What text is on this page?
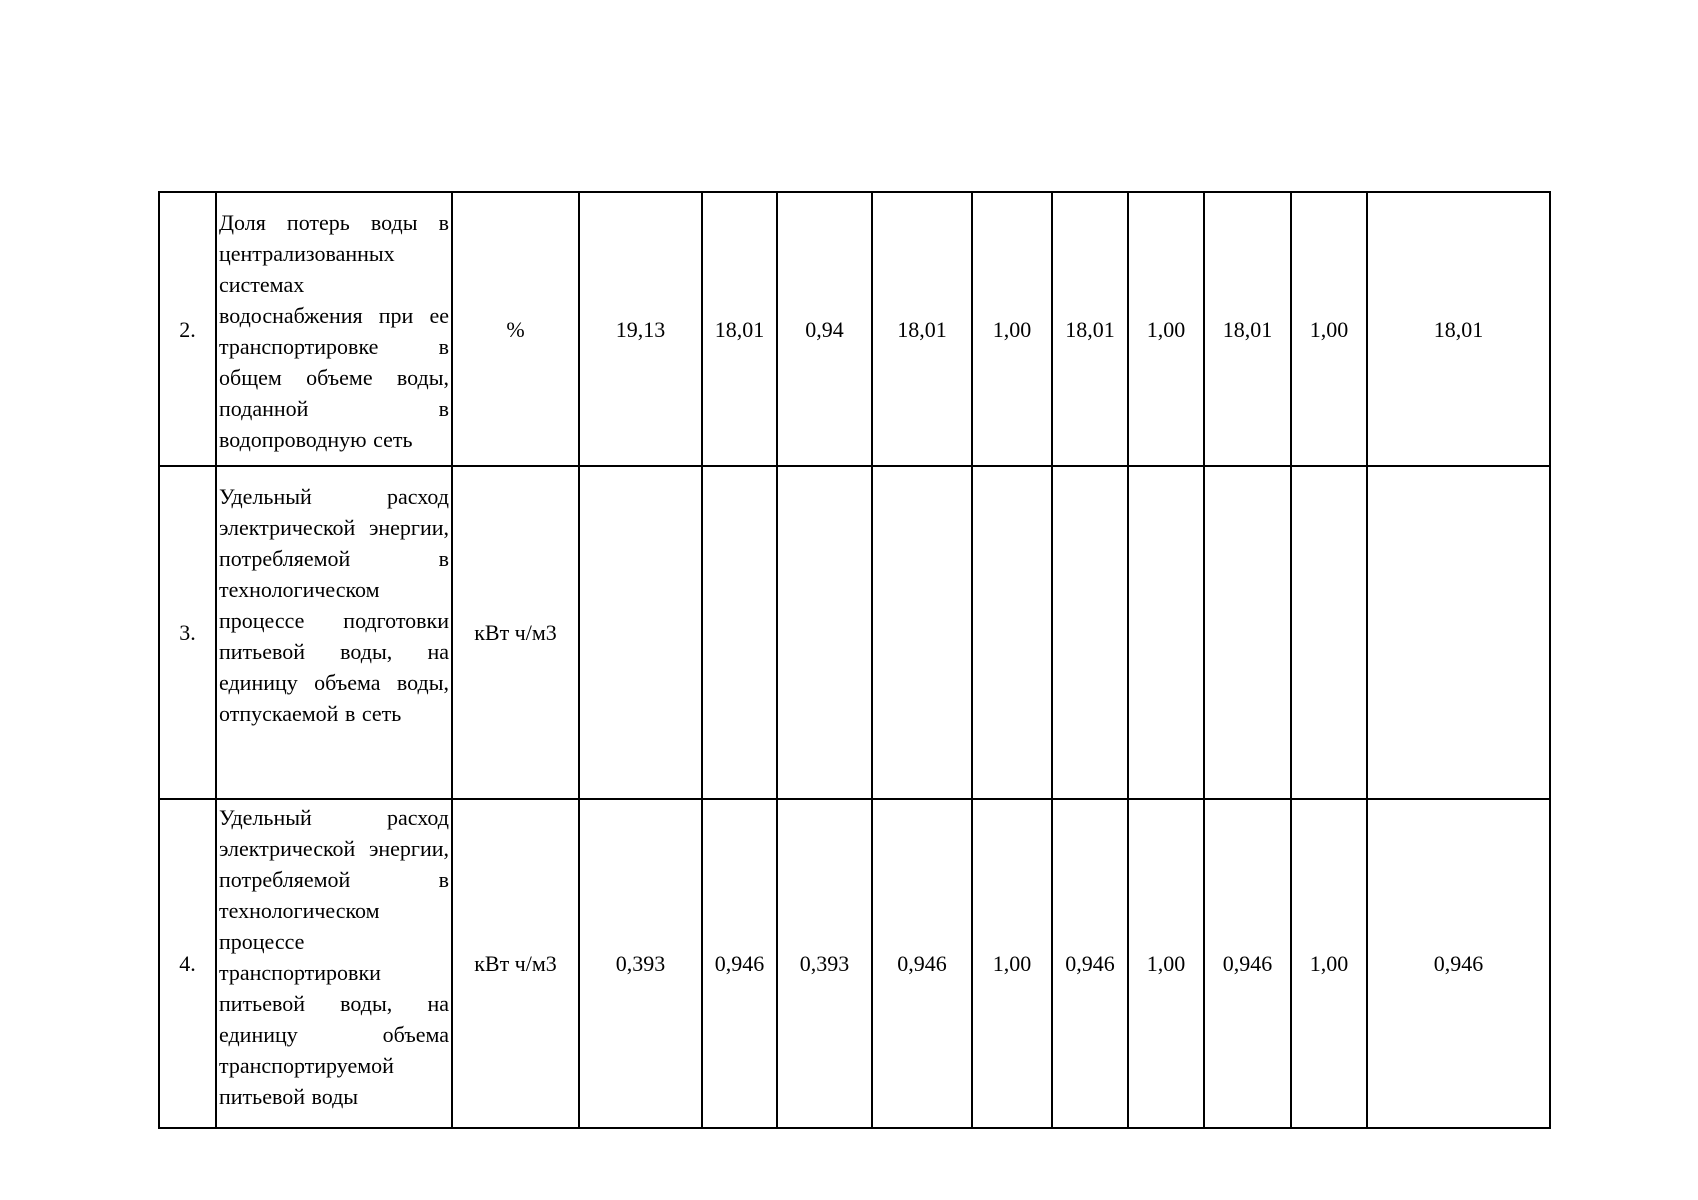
2.	Доля потерь воды в централизованных системах водоснабжения при ее транспортировке в общем объеме воды, поданной в водопроводную сеть	%	19,13	18,01	0,94	18,01	1,00	18,01	1,00	18,01	1,00	18,01	
3.	Удельный расход электрической энергии, потребляемой в технологическом процессе подготовки питьевой воды, на единицу объема воды, отпускаемой в сеть	кВт ч/м3											
4.	Удельный расход электрической энергии, потребляемой в технологическом процессе транспортировки питьевой воды, на единицу объема транспортируемой питьевой воды	кВт ч/м3	0,393	0,946	0,393	0,946	1,00	0,946	1,00	0,946	1,00	0,946	
